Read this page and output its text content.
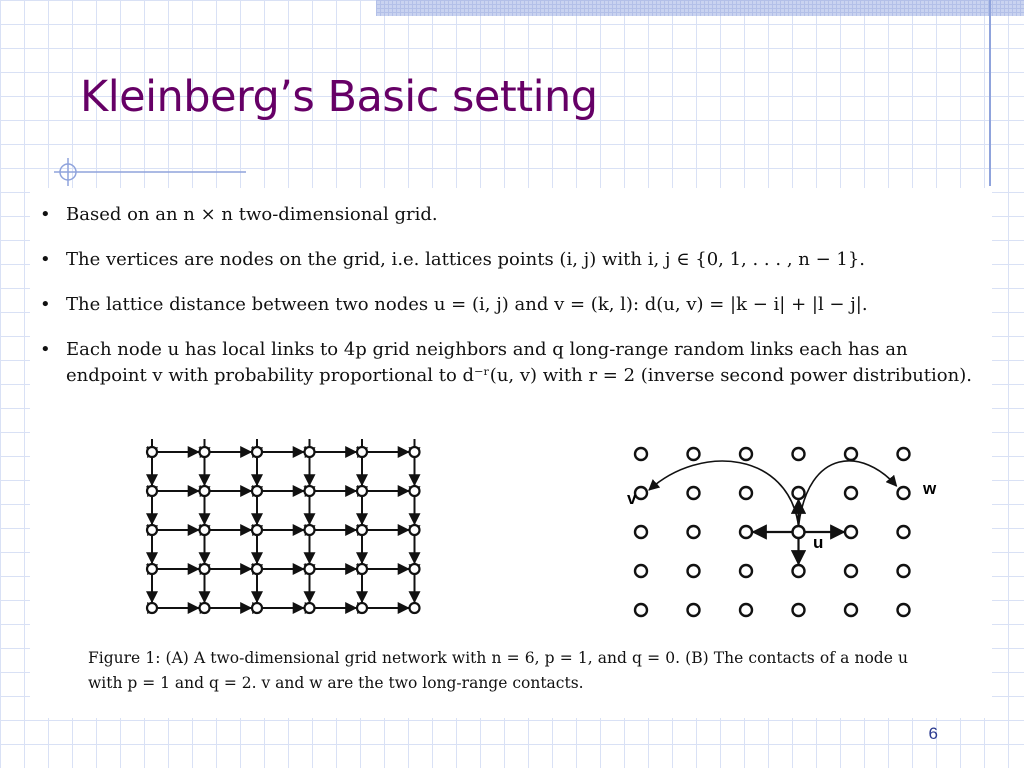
Kleinberg’s Basic setting
• Based on an n × n two-dimensional grid.
• The vertices are nodes on the grid, i.e. lattices points (i, j) with i, j ∈ {0, 1, . . . , n − 1}.
• The lattice distance between two nodes u = (i, j) and v = (k, l): d(u, v) = |k − i| + |l − j|.
• Each node u has local links to 4p grid neighbors and q long-range random links each has an endpoint v with probability proportional to d⁻ʳ(u, v) with r = 2 (inverse second power distribution).
v
w
u

Figure 1: (A) A two-dimensional grid network with n = 6, p = 1, and q = 0. (B) The contacts of a node u with p = 1 and q = 2. v and w are the two long-range contacts.

6
